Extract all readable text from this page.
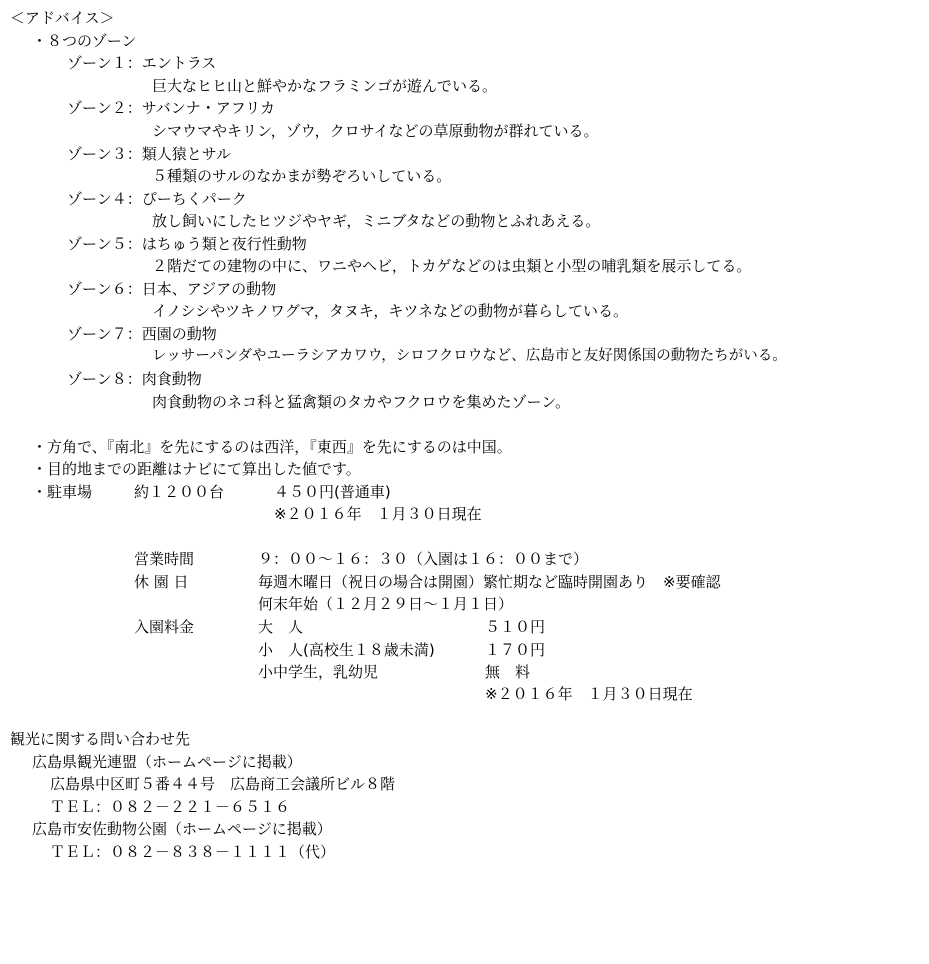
＜アドバイス＞
・８つのゾーン
ゾーン１：エントラス
巨大なヒヒ山と鮮やかなフラミンゴが遊んでいる。
ゾーン２：サバンナ・アフリカ
シマウマやキリン，ゾウ，クロサイなどの草原動物が群れている。
ゾーン３：類人猿とサル
５種類のサルのなかまが勢ぞろいしている。
ゾーン４：ぴーちくパーク
放し飼いにしたヒツジやヤギ，ミニブタなどの動物とふれあえる。
ゾーン５：はちゅう類と夜行性動物
２階だての建物の中に、ワニやヘビ，トカゲなどのは虫類と小型の哺乳類を展示してる。
ゾーン６：日本、アジアの動物
イノシシやツキノワグマ，タヌキ，キツネなどの動物が暮らしている。
ゾーン７：西園の動物
レッサーパンダやユーラシアカワウ，シロフクロウなど、広島市と友好関係国の動物たちがいる。
ゾーン８：肉食動物
肉食動物のネコ科と猛禽類のタカやフクロウを集めたゾーン。
・方角で、『南北』を先にするのは西洋，『東西』を先にするのは中国。
・目的地までの距離はナビにて算出した値です。
・駐車場	約１２００台	４５０円(普通車)
※２０１６年　１月３０日現在
営業時間	９：００～１６：３０（入園は１６：００まで）
休 園 日	毎週木曜日（祝日の場合は開園）繁忙期など臨時開園あり　※要確認
何末年始（１２月２９日～１月１日）
入園料金	大　人	５１０円
小　人(高校生１８歳未満)	１７０円
小中学生，乳幼児	無　料
※２０１６年　１月３０日現在
観光に関する問い合わせ先
広島県観光連盟（ホームページに掲載）
広島県中区町５番４４号　広島商工会議所ビル８階
ＴＥＬ：０８２－２２１－６５１６
広島市安佐動物公園（ホームページに掲載）
ＴＥＬ：０８２－８３８－１１１１（代）
